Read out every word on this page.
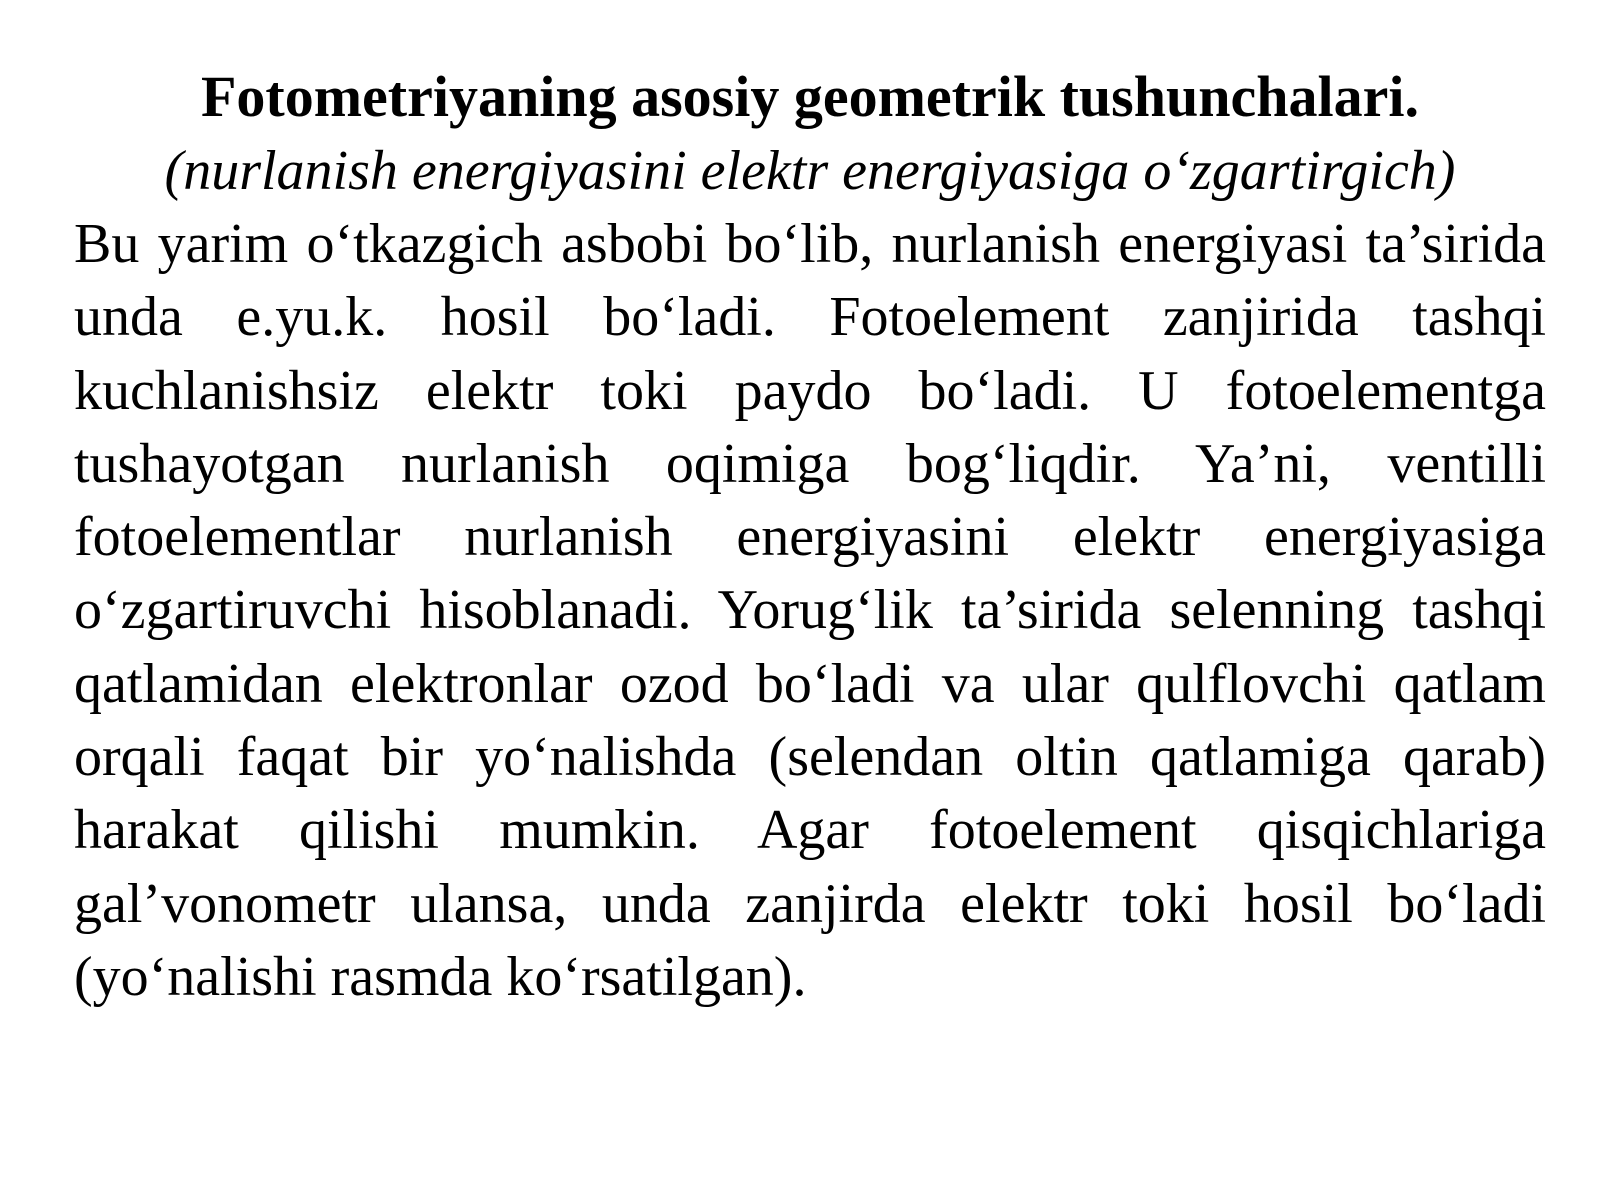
Fotometriyaning asosiy geometrik tushunchalari.

(nurlanish energiyasini elektr energiyasiga o‘zgartirgich)

Bu yarim o‘tkazgich asbobi bo‘lib, nurlanish energiyasi ta’sirida unda e.yu.k. hosil bo‘ladi. Fotoelement zanjirida tashqi kuchlanishsiz elektr toki paydo bo‘ladi. U fotoelementga tushayotgan nurlanish oqimiga bog‘liqdir. Ya’ni, ventilli fotoelementlar nurlanish energiyasini elektr energiyasiga o‘zgartiruvchi hisoblanadi. Yorug‘lik ta’sirida selenning tashqi qatlamidan elektronlar ozod bo‘ladi va ular qulflovchi qatlam orqali faqat bir yo‘nalishda (selendan oltin qatlamiga qarab) harakat qilishi mumkin. Agar fotoelement qisqichlariga gal’vonometr ulansa, unda zanjirda elektr toki hosil bo‘ladi (yo‘nalishi rasmda ko‘rsatilgan).
